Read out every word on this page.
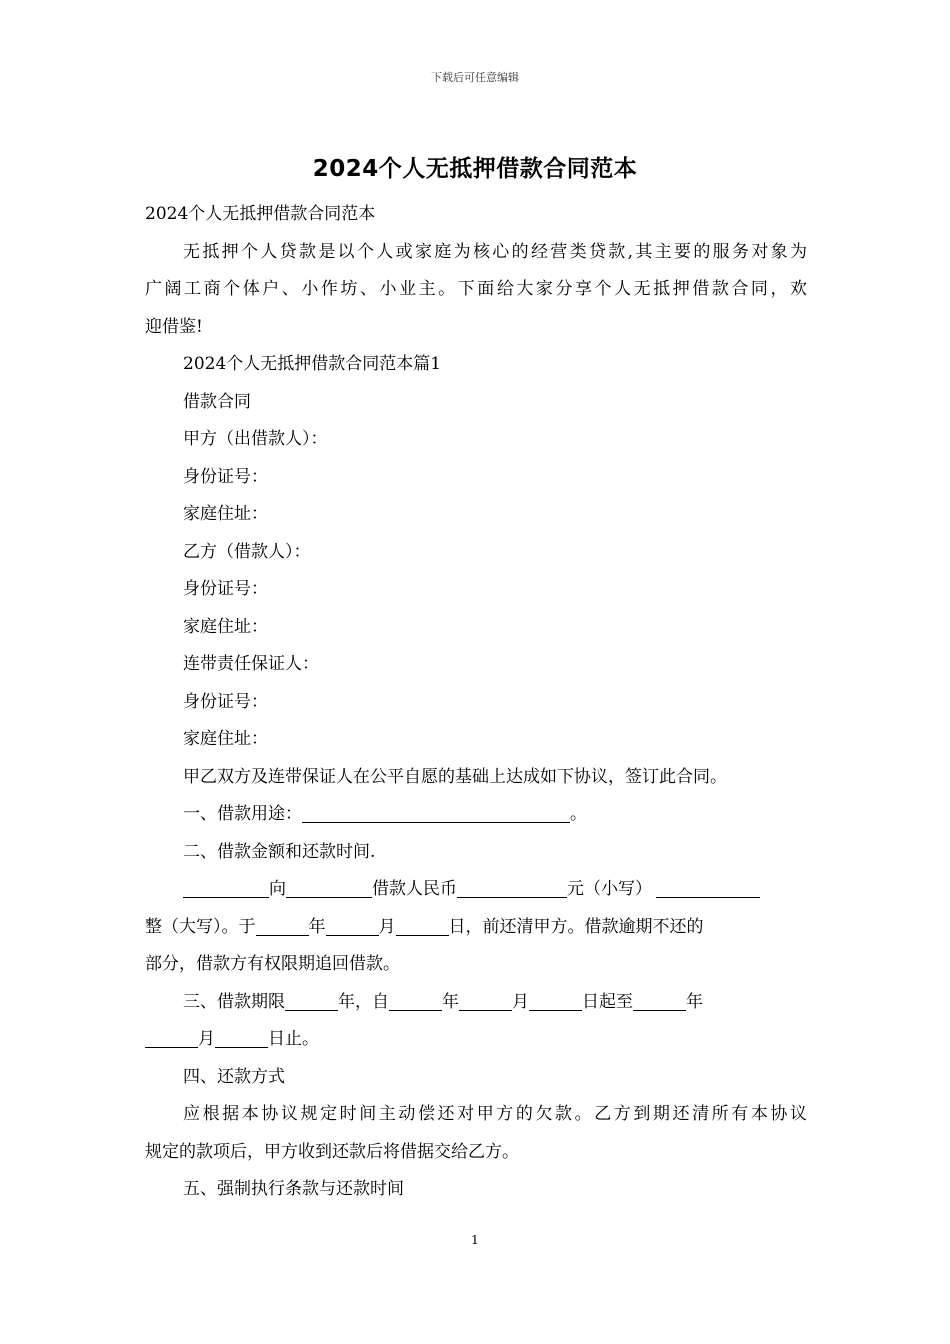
下载后可任意编辑
2024个人无抵押借款合同范本
2024个人无抵押借款合同范本
无抵押个人贷款是以个人或家庭为核心的经营类贷款,其主要的服务对象为
广阔工商个体户、小作坊、小业主。下面给大家分享个人无抵押借款合同，欢
迎借鉴!
2024个人无抵押借款合同范本篇1
借款合同
甲方（出借款人）：
身份证号：
家庭住址：
乙方（借款人）：
身份证号：
家庭住址：
连带责任保证人：
身份证号：
家庭住址：
甲乙双方及连带保证人在公平自愿的基础上达成如下协议，签订此合同。
一、借款用途：	。
二、借款金额和还款时间.
向	借款人民币	元（小写）
整（大写）。于	年	月	日，前还清甲方。借款逾期不还的
部分，借款方有权限期追回借款。
三、借款期限	年，自	年	月	日起至	年
月	日止。
四、还款方式
应根据本协议规定时间主动偿还对甲方的欠款。乙方到期还清所有本协议
规定的款项后，甲方收到还款后将借据交给乙方。
五、强制执行条款与还款时间
1
